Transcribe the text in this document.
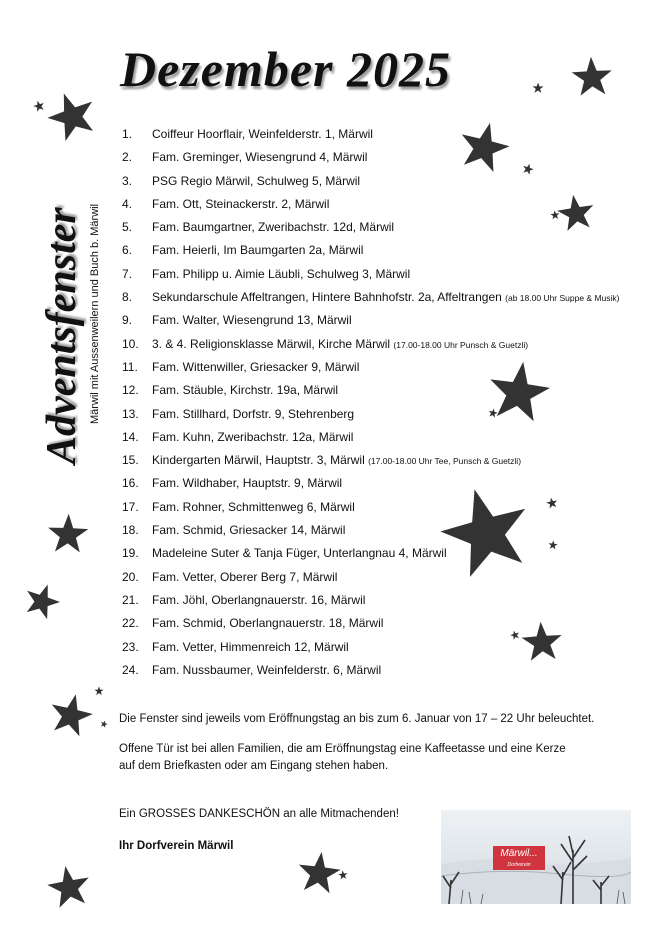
Dezember 2025
Adventsfenster Märwil mit Aussenweilern und Buch b. Märwil
1. Coiffeur Hoorflair, Weinfelderstr. 1, Märwil
2. Fam. Greminger, Wiesengrund 4, Märwil
3. PSG Regio Märwil, Schulweg 5, Märwil
4. Fam. Ott, Steinackerstr. 2, Märwil
5. Fam. Baumgartner, Zweribachstr. 12d, Märwil
6. Fam. Heierli, Im Baumgarten 2a, Märwil
7. Fam. Philipp u. Aimie Läubli, Schulweg 3, Märwil
8. Sekundarschule Affeltrangen, Hintere Bahnhofstr. 2a, Affeltrangen (ab 18.00 Uhr Suppe & Musik)
9. Fam. Walter, Wiesengrund 13, Märwil
10. 3. & 4. Religionsklasse Märwil, Kirche Märwil (17.00-18.00 Uhr Punsch & Guetzli)
11. Fam. Wittenwiller, Griesacker 9, Märwil
12. Fam. Stäuble, Kirchstr. 19a, Märwil
13. Fam. Stillhard, Dorfstr. 9, Stehrenberg
14. Fam. Kuhn, Zweribachstr. 12a, Märwil
15. Kindergarten Märwil, Hauptstr. 3, Märwil (17.00-18.00 Uhr Tee, Punsch & Guetzli)
16. Fam. Wildhaber, Hauptstr. 9, Märwil
17. Fam. Rohner, Schmittenweg 6, Märwil
18. Fam. Schmid, Griesacker 14, Märwil
19. Madeleine Suter & Tanja Füger, Unterlangnau 4, Märwil
20. Fam. Vetter, Oberer Berg 7, Märwil
21. Fam. Jöhl, Oberlangnauerstr. 16, Märwil
22. Fam. Schmid, Oberlangnauerstr. 18, Märwil
23. Fam. Vetter, Himmenreich 12, Märwil
24. Fam. Nussbaumer, Weinfelderstr. 6, Märwil
Die Fenster sind jeweils vom Eröffnungstag an bis zum 6. Januar von 17 – 22 Uhr beleuchtet.
Offene Tür ist bei allen Familien, die am Eröffnungstag eine Kaffeetasse und eine Kerze
auf dem Briefkasten oder am Eingang stehen haben.
Ein GROSSES DANKESCHÖN an alle Mitmachenden!
Ihr Dorfverein Märwil
Märwil...
Dorfverein
